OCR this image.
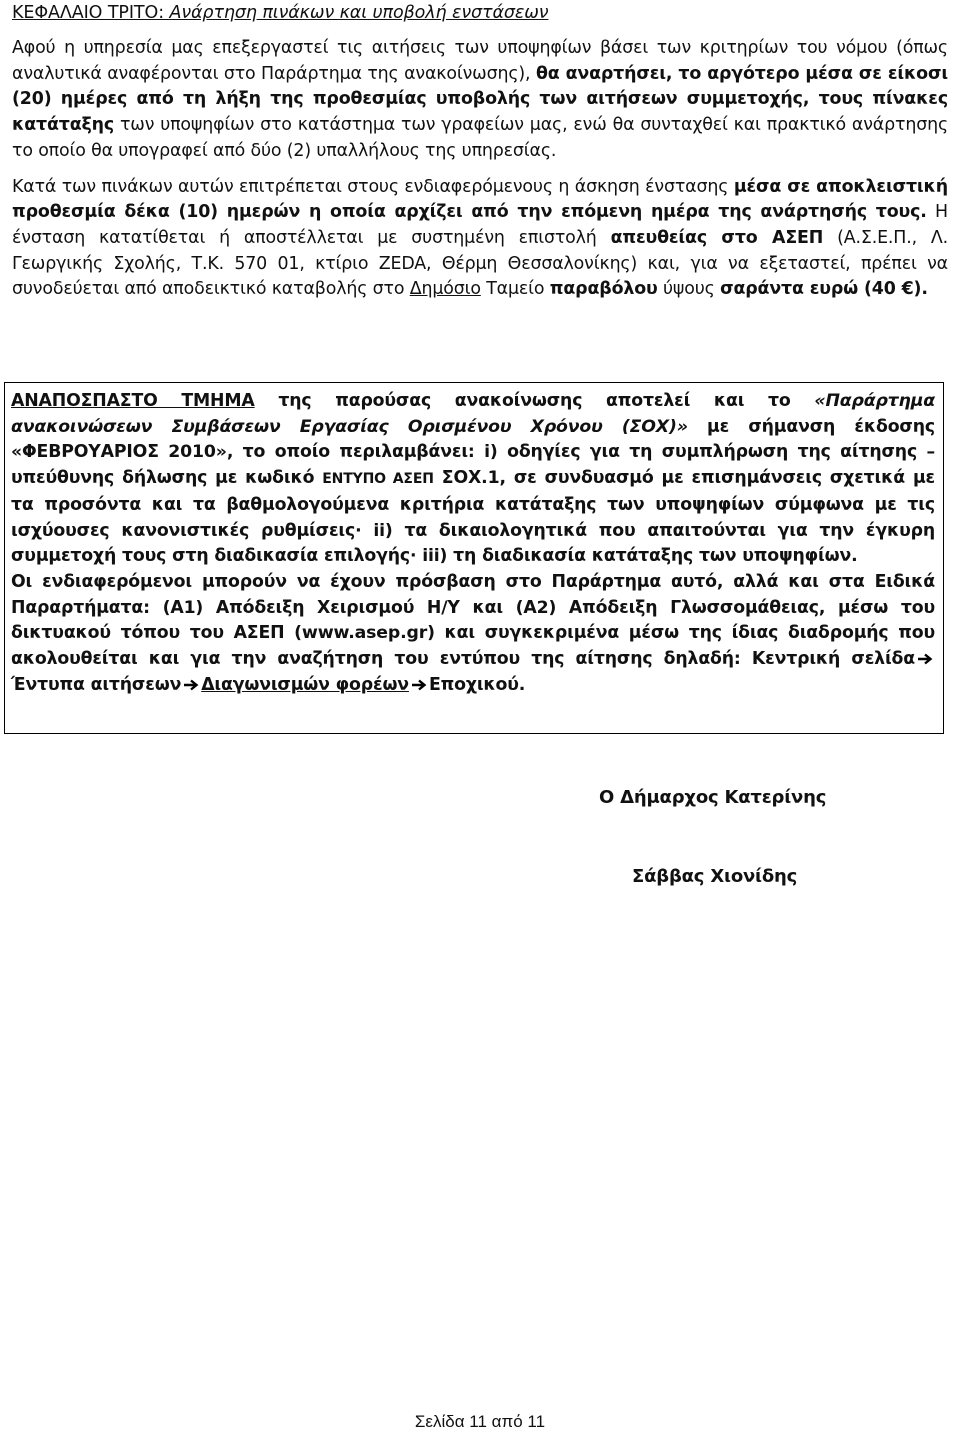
ΚΕΦΑΛΑΙΟ ΤΡΙΤΟ: Ανάρτηση πινάκων και υποβολή ενστάσεων

Αφού η υπηρεσία μας επεξεργαστεί τις αιτήσεις των υποψηφίων βάσει των κριτηρίων του νόμου (όπως αναλυτικά αναφέρονται στο Παράρτημα της ανακοίνωσης), θα αναρτήσει, το αργότερο μέσα σε είκοσι (20) ημέρες από τη λήξη της προθεσμίας υποβολής των αιτήσεων συμμετοχής, τους πίνακες κατάταξης των υποψηφίων στο κατάστημα των γραφείων μας, ενώ θα συνταχθεί και πρακτικό ανάρτησης το οποίο θα υπογραφεί από δύο (2) υπαλλήλους της υπηρεσίας.

Κατά των πινάκων αυτών επιτρέπεται στους ενδιαφερόμενους η άσκηση ένστασης μέσα σε αποκλειστική προθεσμία δέκα (10) ημερών η οποία αρχίζει από την επόμενη ημέρα της ανάρτησής τους. Η ένσταση κατατίθεται ή αποστέλλεται με συστημένη επιστολή απευθείας στο ΑΣΕΠ (Α.Σ.Ε.Π., Λ. Γεωργικής Σχολής, Τ.Κ. 570 01, κτίριο ΖEDA, Θέρμη Θεσσαλονίκης) και, για να εξεταστεί, πρέπει να συνοδεύεται από αποδεικτικό καταβολής στο Δημόσιο Ταμείο παραβόλου ύψους σαράντα ευρώ (40 €).

ΑΝΑΠΟΣΠΑΣΤΟ ΤΜΗΜΑ της παρούσας ανακοίνωσης αποτελεί και το «Παράρτημα ανακοινώσεων Συμβάσεων Εργασίας Ορισμένου Χρόνου (ΣΟΧ)» με σήμανση έκδοσης «ΦΕΒΡΟΥΑΡΙΟΣ 2010», το οποίο περιλαμβάνει: i) οδηγίες για τη συμπλήρωση της αίτησης – υπεύθυνης δήλωσης με κωδικό ΕΝΤΥΠΟ ΑΣΕΠ ΣΟΧ.1, σε συνδυασμό με επισημάνσεις σχετικά με τα προσόντα και τα βαθμολογούμενα κριτήρια κατάταξης των υποψηφίων σύμφωνα με τις ισχύουσες κανονιστικές ρυθμίσεις· ii) τα δικαιολογητικά που απαιτούνται για την έγκυρη συμμετοχή τους στη διαδικασία επιλογής· iii) τη διαδικασία κατάταξης των υποψηφίων.

Οι ενδιαφερόμενοι μπορούν να έχουν πρόσβαση στο Παράρτημα αυτό, αλλά και στα Ειδικά Παραρτήματα: (Α1) Απόδειξη Χειρισμού Η/Υ και (Α2) Απόδειξη Γλωσσομάθειας, μέσω του δικτυακού τόπου του ΑΣΕΠ (www.asep.gr) και συγκεκριμένα μέσω της ίδιας διαδρομής που ακολουθείται και για την αναζήτηση του εντύπου της αίτησης δηλαδή: Κεντρική σελίδαΈντυπα αιτήσεων Διαγωνισμών φορέων Εποχικού.

Ο Δήμαρχος Κατερίνης
Σάββας Χιονίδης
Σελίδα 11 από 11
